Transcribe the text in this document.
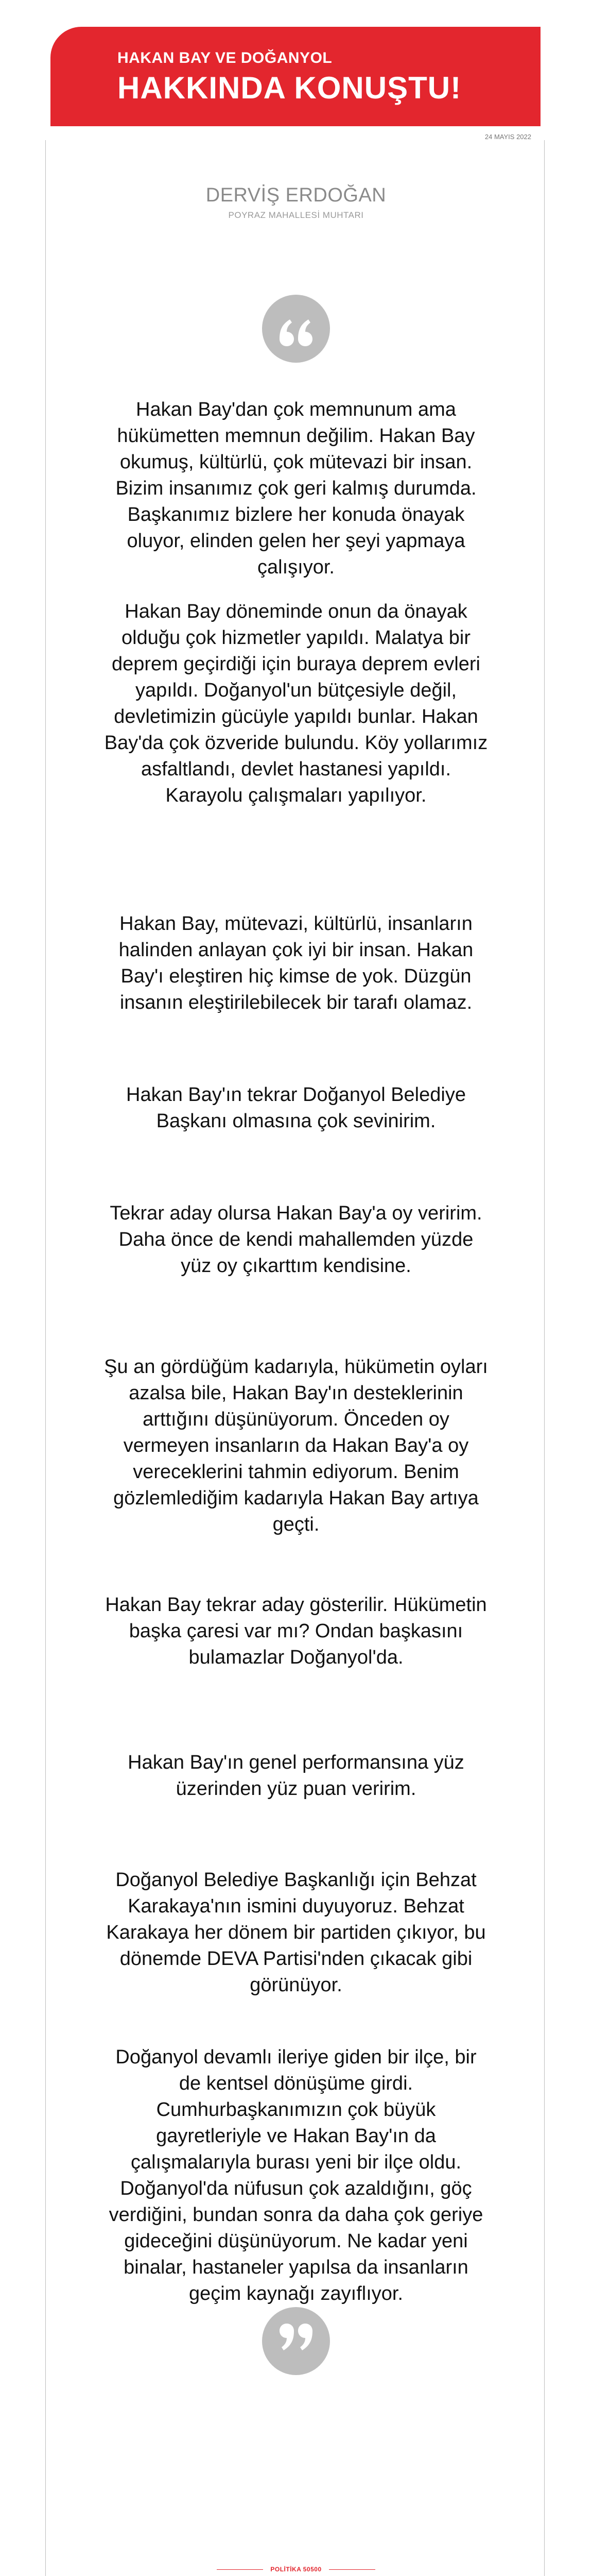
HAKAN BAY VE DOĞANYOL
HAKKINDA KONUŞTU!
24 MAYIS 2022
DERVİŞ ERDOĞAN
POYRAZ MAHALLESİ MUHTARI
Hakan Bay'dan çok memnunum ama hükümetten memnun değilim. Hakan Bay okumuş, kültürlü, çok mütevazi bir insan. Bizim insanımız çok geri kalmış durumda. Başkanımız bizlere her konuda önayak oluyor, elinden gelen her şeyi yapmaya çalışıyor.
Hakan Bay döneminde onun da önayak olduğu çok hizmetler yapıldı. Malatya bir deprem geçirdiği için buraya deprem evleri yapıldı. Doğanyol'un bütçesiyle değil, devletimizin gücüyle yapıldı bunlar. Hakan Bay'da çok özveride bulundu. Köy yollarımız asfaltlandı, devlet hastanesi yapıldı. Karayolu çalışmaları yapılıyor.
Hakan Bay, mütevazi, kültürlü, insanların halinden anlayan çok iyi bir insan. Hakan Bay'ı eleştiren hiç kimse de yok. Düzgün insanın eleştirilebilecek bir tarafı olamaz.
Hakan Bay'ın tekrar Doğanyol Belediye Başkanı olmasına çok sevinirim.
Tekrar aday olursa Hakan Bay'a oy veririm. Daha önce de kendi mahallemden yüzde yüz oy çıkarttım kendisine.
Şu an gördüğüm kadarıyla, hükümetin oyları azalsa bile, Hakan Bay'ın desteklerinin arttığını düşünüyorum. Önceden oy vermeyen insanların da Hakan Bay'a oy vereceklerini tahmin ediyorum. Benim gözlemlediğim kadarıyla Hakan Bay artıya geçti.
Hakan Bay tekrar aday gösterilir. Hükümetin başka çaresi var mı? Ondan başkasını bulamazlar Doğanyol'da.
Hakan Bay'ın genel performansına yüz üzerinden yüz puan veririm.
Doğanyol Belediye Başkanlığı için Behzat Karakaya'nın ismini duyuyoruz. Behzat Karakaya her dönem bir partiden çıkıyor, bu dönemde DEVA Partisi'nden çıkacak gibi görünüyor.
Doğanyol devamlı ileriye giden bir ilçe, bir de kentsel dönüşüme girdi. Cumhurbaşkanımızın çok büyük gayretleriyle ve Hakan Bay'ın da çalışmalarıyla burası yeni bir ilçe oldu. Doğanyol'da nüfusun çok azaldığını, göç verdiğini, bundan sonra da daha çok geriye gideceğini düşünüyorum. Ne kadar yeni binalar, hastaneler yapılsa da insanların geçim kaynağı zayıflıyor.
POLİTİKA 50500
